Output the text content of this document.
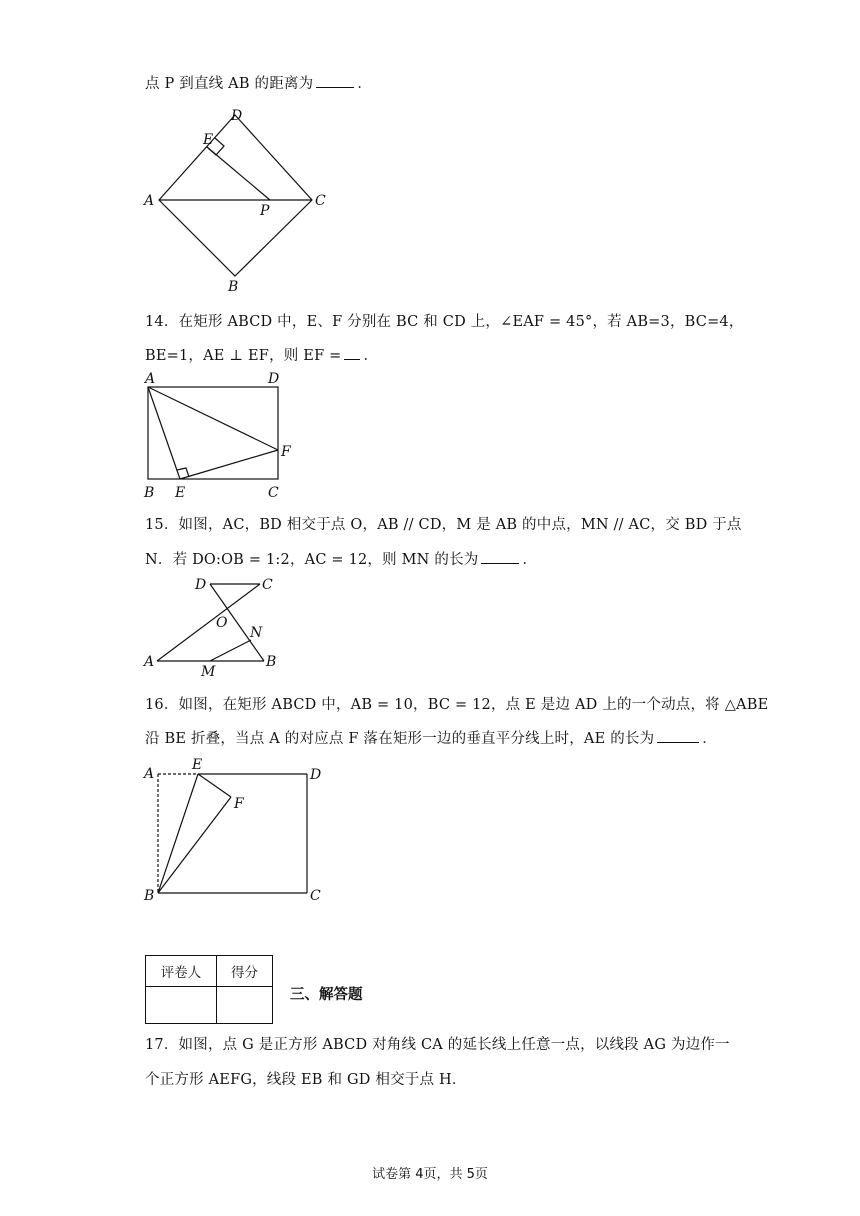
点 P 到直线 AB 的距离为	．
D
E
A
P
C
B
14．在矩形 ABCD 中，E、F 分别在 BC 和 CD 上，∠EAF = 45°，若 AB=3，BC=4，
BE=1，AE ⊥ EF，则 EF = ．
A	D
F
B E	C
15．如图，AC，BD 相交于点 O，AB // CD，M 是 AB 的中点，MN // AC，交 BD 于点
N．若 DO:OB = 1:2，AC = 12，则 MN 的长为	．
D	C
O
N
A
M
B
16．如图，在矩形 ABCD 中，AB = 10，BC = 12，点 E 是边 AD 上的一个动点，将 △ABE
沿 BE 折叠，当点 A 的对应点 F 落在矩形一边的垂直平分线上时，AE 的长为	．
A
E
D
F
B	C
评卷人	得分

三、解答题
17．如图，点 G 是正方形 ABCD 对角线 CA 的延长线上任意一点，以线段 AG 为边作一
个正方形 AEFG，线段 EB 和 GD 相交于点 H．
试卷第 4页，共 5页
